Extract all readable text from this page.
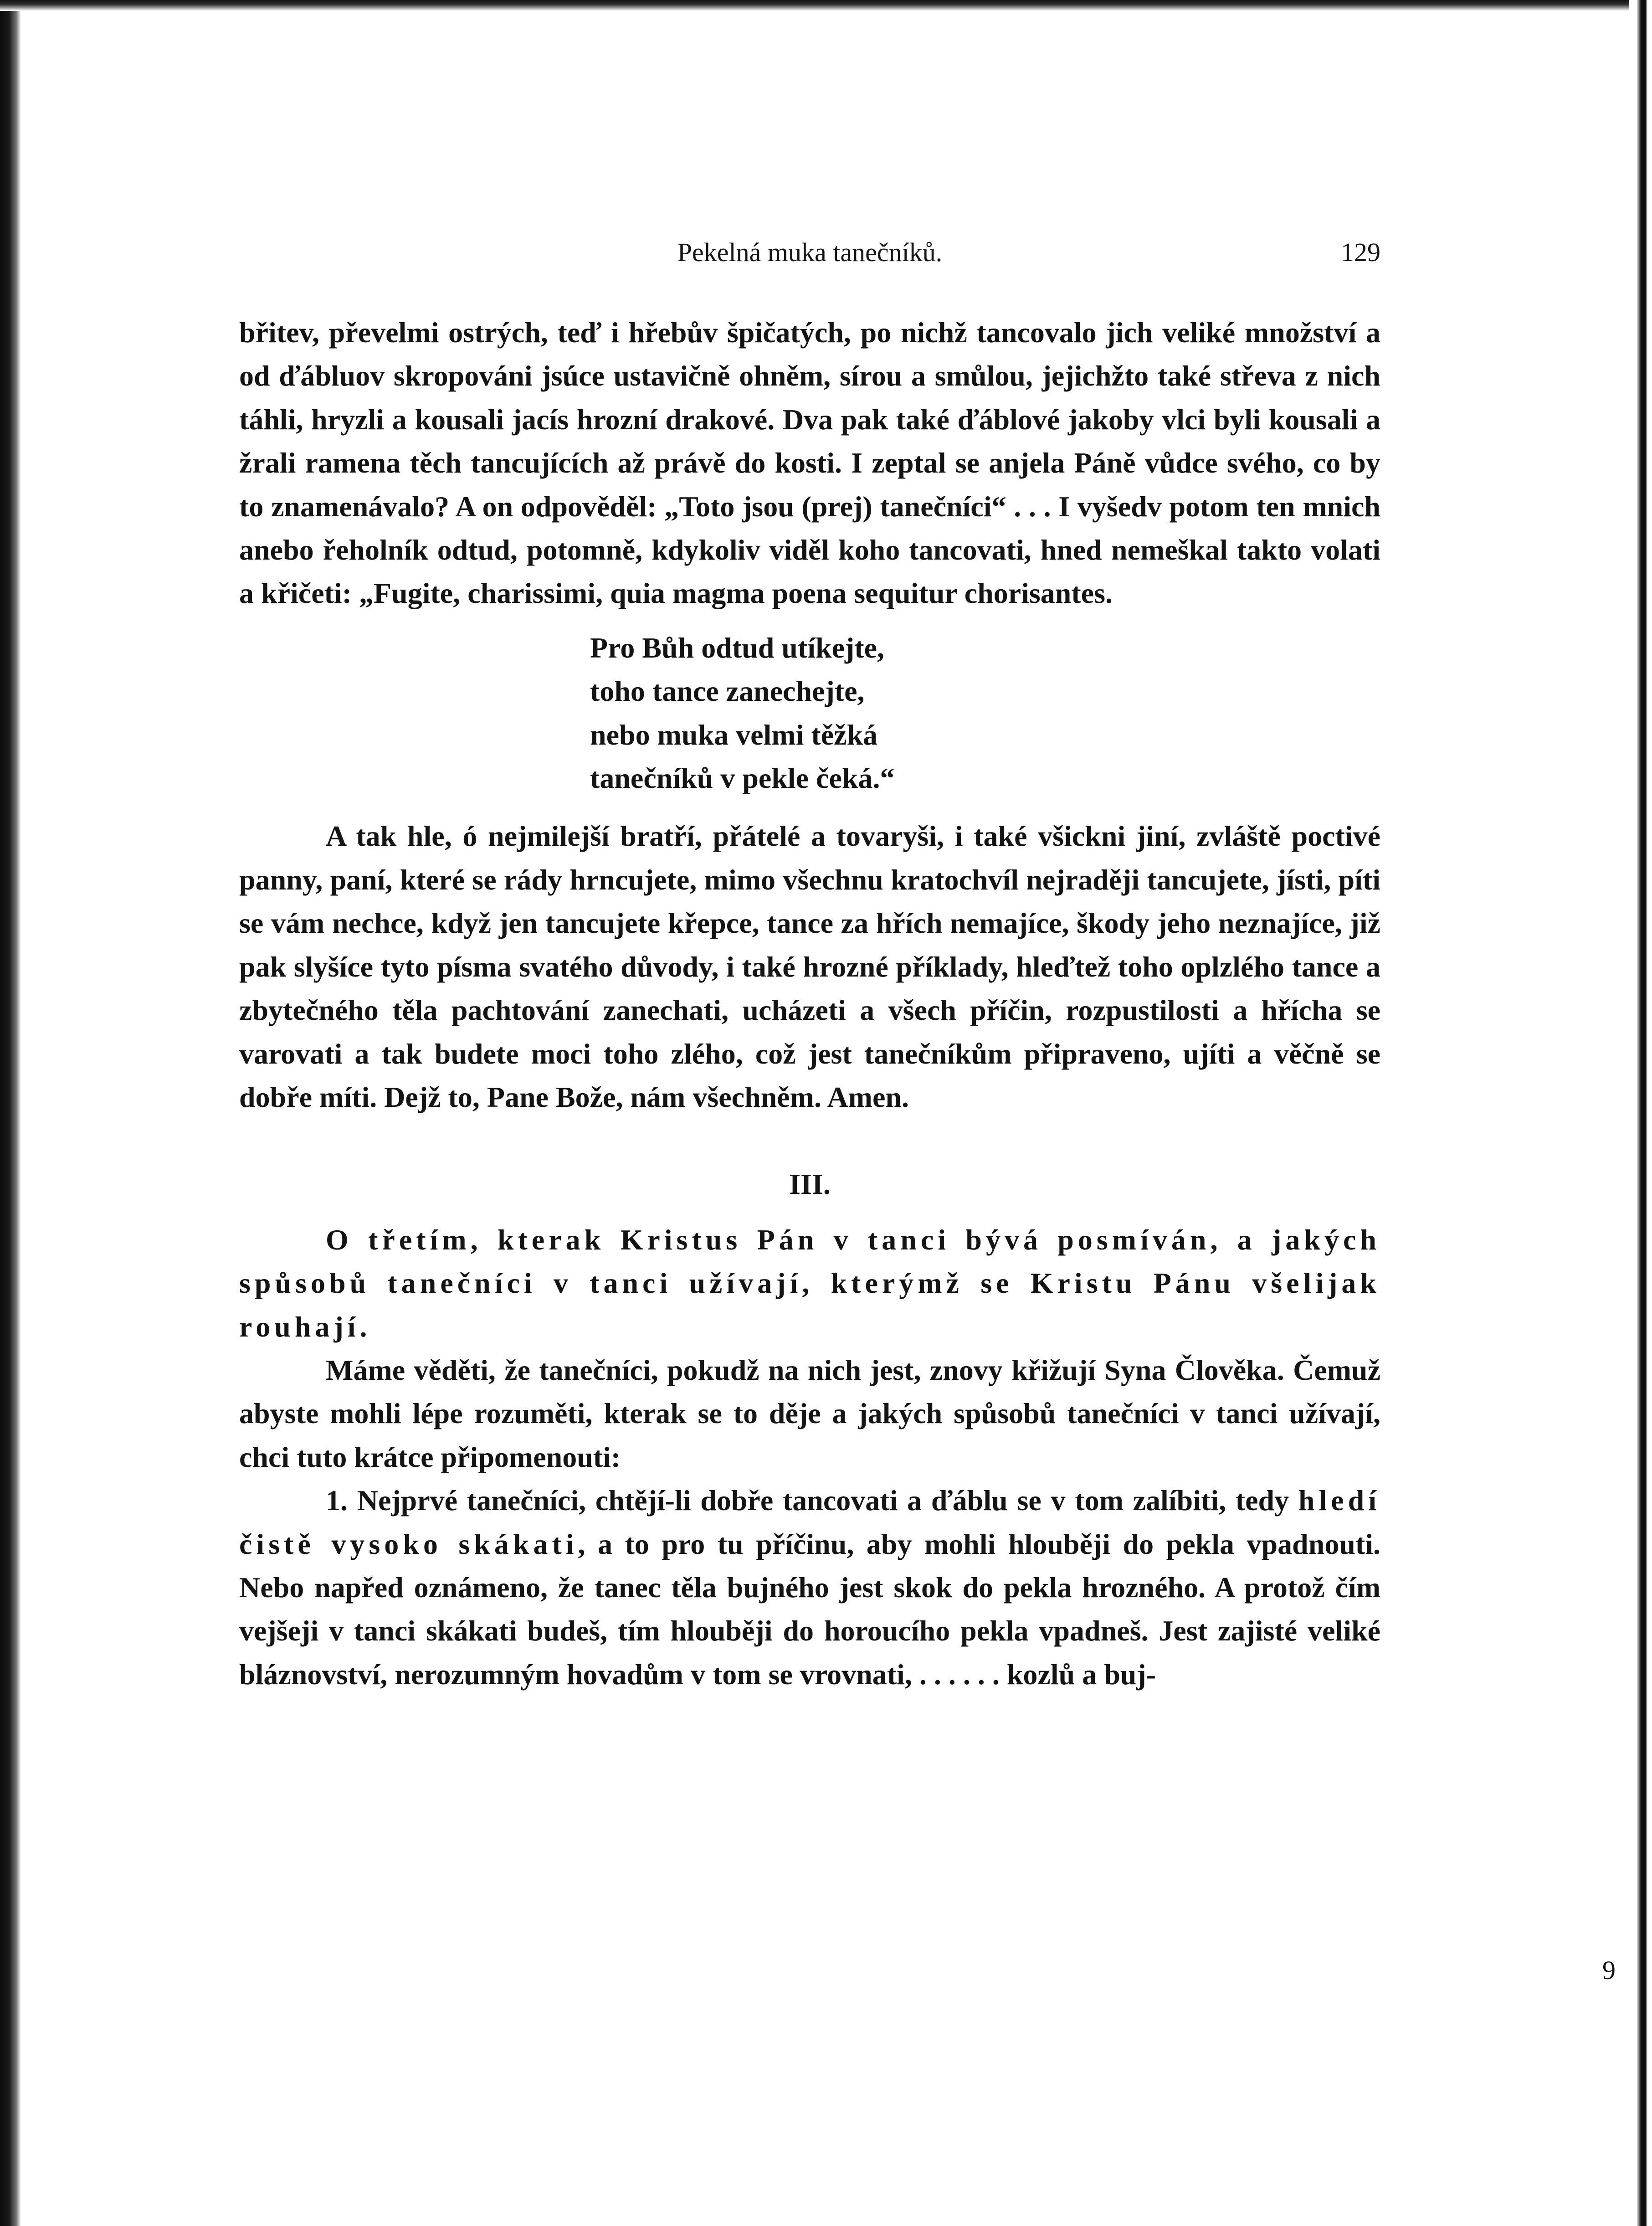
Pekelná muka tanečníků.	129

břitev, převelmi ostrých, teď i hřebův špičatých, po nichž tancovalo jich veliké množství a od ďábluov skropováni jsúce ustavičně ohněm, sírou a smůlou, jejichžto také střeva z nich táhli, hryzli a kousali jacís hrozní drakové. Dva pak také ďáblové jakoby vlci byli kousali a žrali ramena těch tancujících až právě do kosti. I zeptal se anjela Páně vůdce svého, co by to znamenávalo? A on odpověděl: „Toto jsou (prej) tanečníci“ . . . I vyšedv potom ten mnich anebo řeholník odtud, potomně, kdykoliv viděl koho tancovati, hned nemeškal takto volati a křičeti: „Fugite, charissimi, quia magma poena sequitur chorisantes.

Pro Bůh odtud utíkejte,
toho tance zanechejte,
nebo muka velmi těžká
tanečníků v pekle čeká.“

A tak hle, ó nejmilejší bratří, přátelé a tovaryši, i také všickni jiní, zvláště poctivé panny, paní, které se rády hrncujete, mimo všechnu kratochvíl nejraději tancujete, jísti, píti se vám nechce, když jen tancujete křepce, tance za hřích nemajíce, škody jeho neznajíce, již pak slyšíce tyto písma svatého důvody, i také hrozné příklady, hleďtež toho oplzlého tance a zbytečného těla pachtování zanechati, ucházeti a všech příčin, rozpustilosti a hřícha se varovati a tak budete moci toho zlého, což jest tanečníkům připraveno, ujíti a věčně se dobře míti. Dejž to, Pane Bože, nám všechněm. Amen.

III.

O třetím, kterak Kristus Pán v tanci bývá posmíván, a jakých spůsobů tanečníci v tanci užívají, kterýmž se Kristu Pánu všelijak rouhají.

Máme věděti, že tanečníci, pokudž na nich jest, znovy křižují Syna Člověka. Čemuž abyste mohli lépe rozuměti, kterak se to děje a jakých spůsobů tanečníci v tanci užívají, chci tuto krátce připomenouti:

1. Nejprvé tanečníci, chtějí-li dobře tancovati a ďáblu se v tom zalíbiti, tedy hledí čistě vysoko skákati, a to pro tu příčinu, aby mohli hlouběji do pekla vpadnouti. Nebo napřed oznámeno, že tanec těla bujného jest skok do pekla hrozného. A protož čím vejšeji v tanci skákati budeš, tím hlouběji do horoucího pekla vpadneš. Jest zajisté veliké bláznovství, nerozumným hovadům v tom se vrovnati, . . . . . . kozlů a buj-

9
